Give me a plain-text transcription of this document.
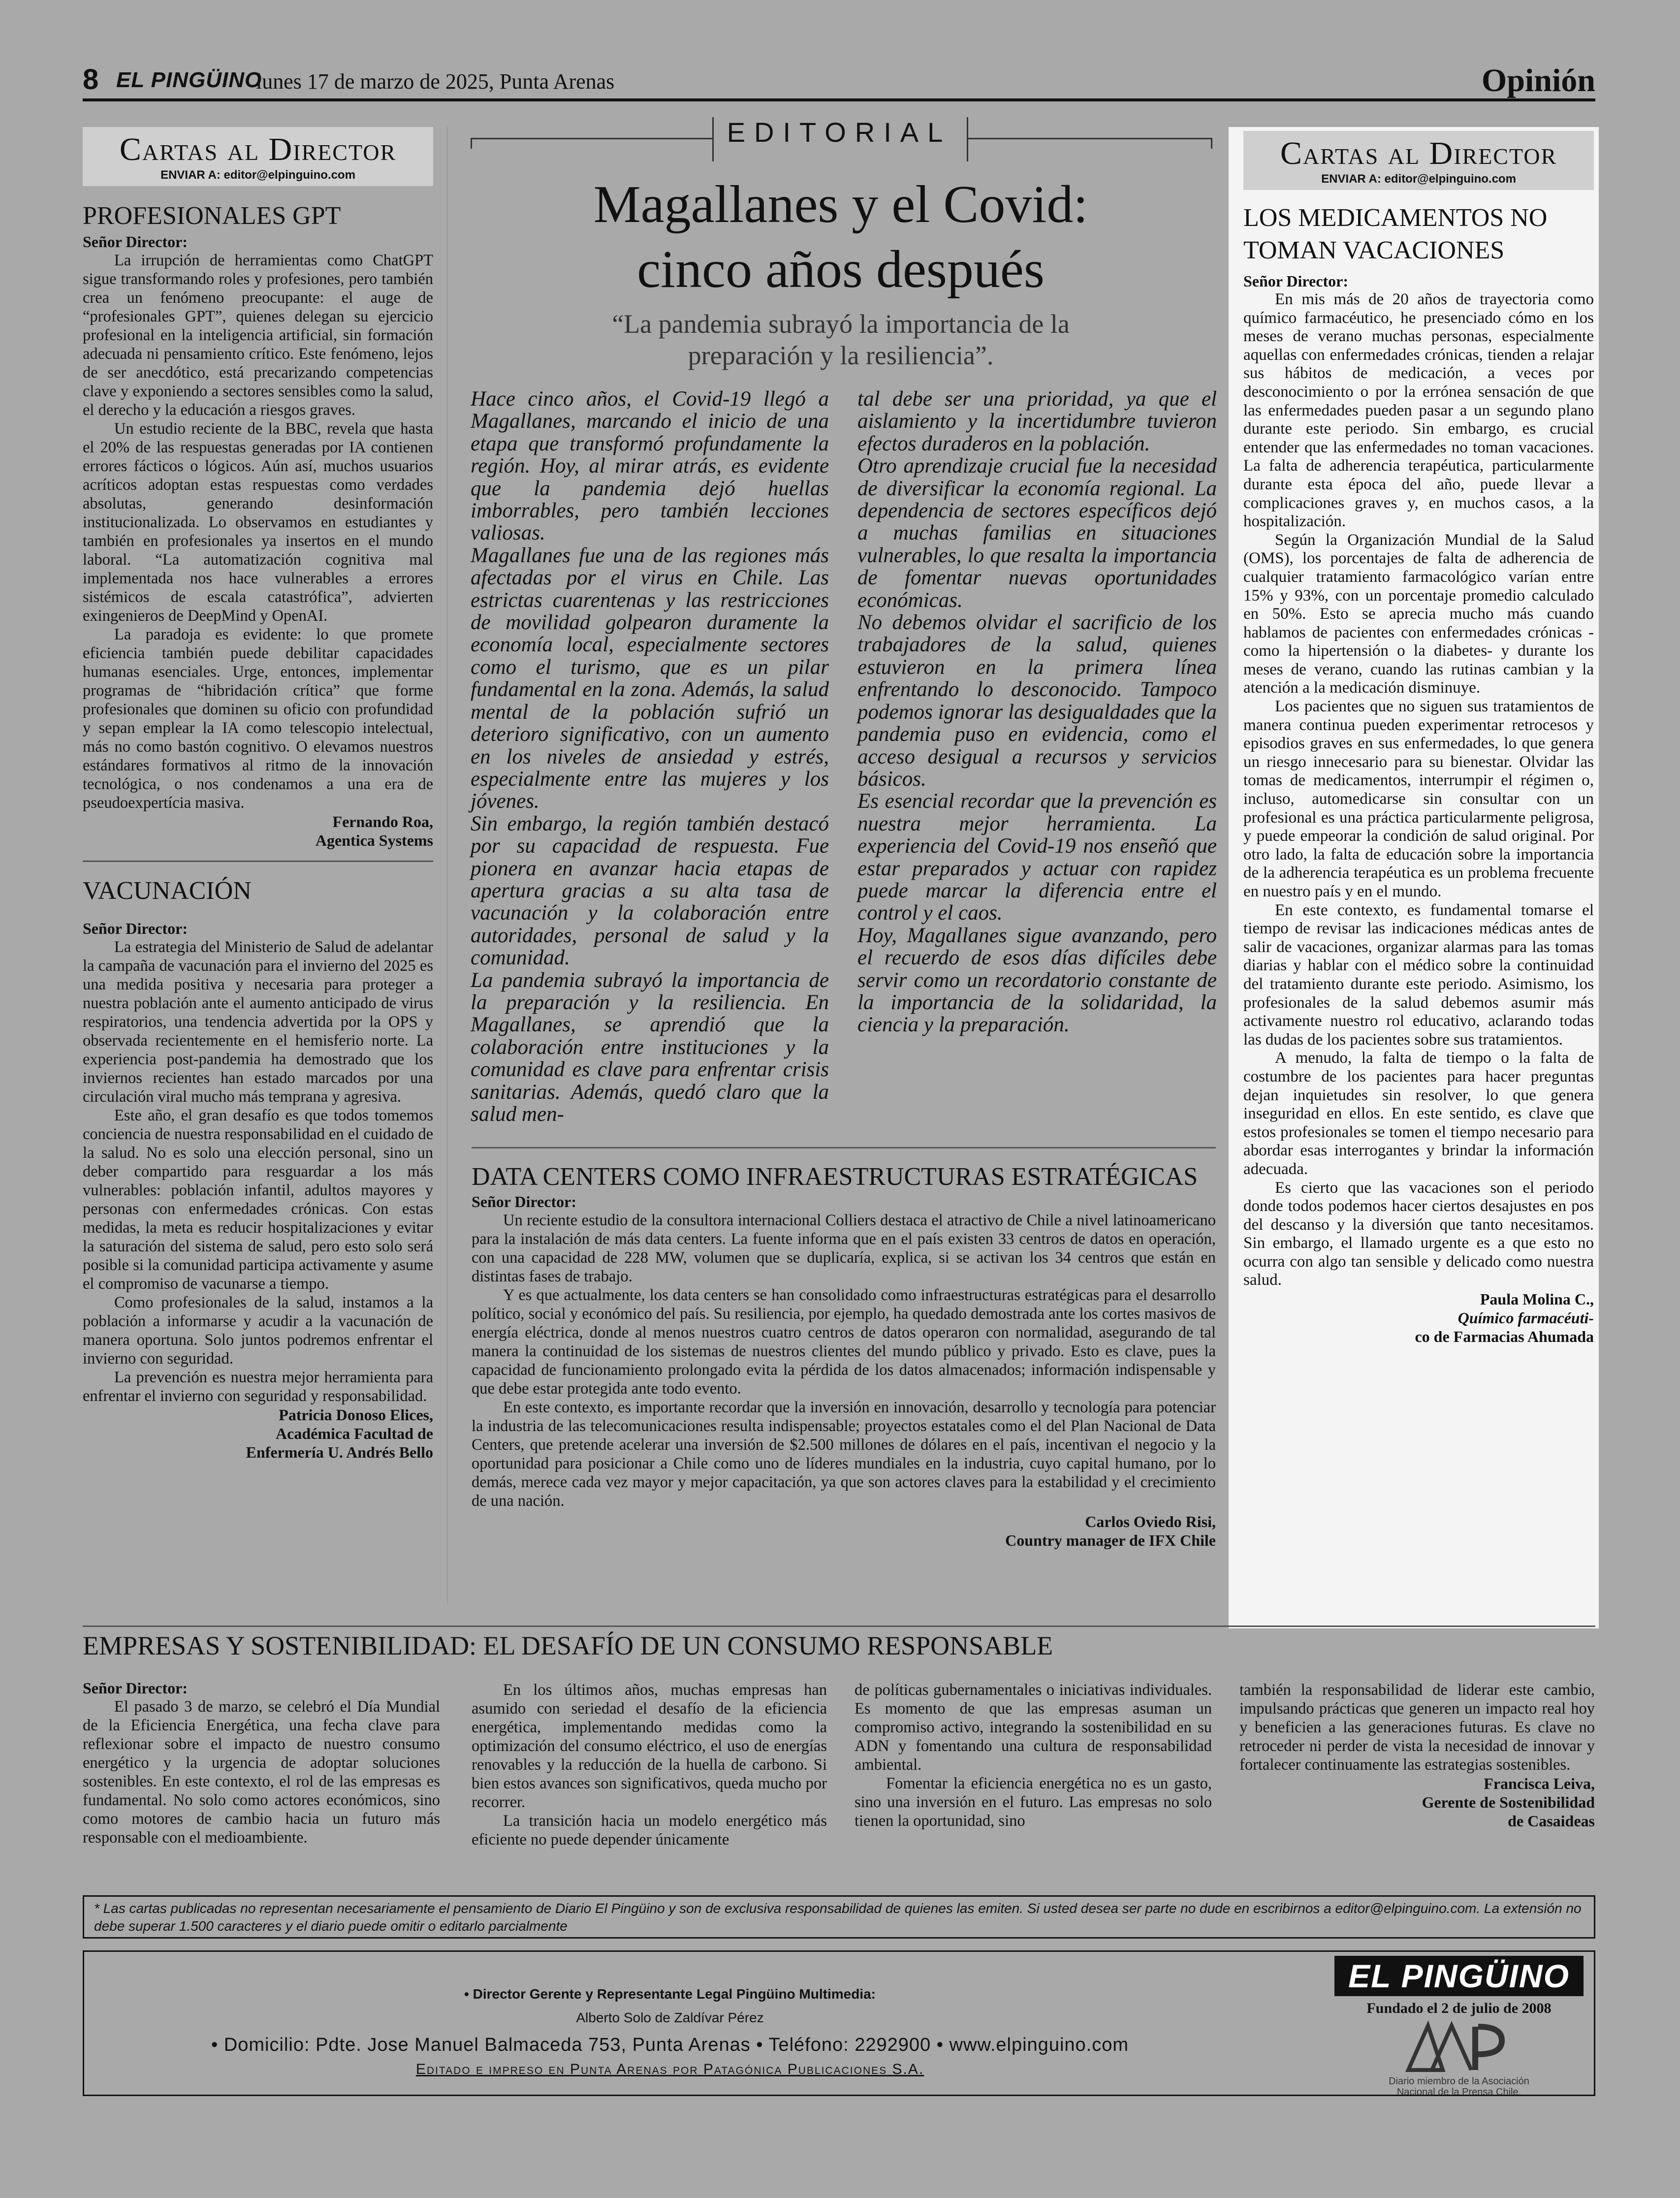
8 EL PINGÜINO
lunes 17 de marzo de 2025, Punta Arenas	Opinión
Cartas al Director
ENVIAR A: editor@elpinguino.com
PROFESIONALES GPT
Señor Director:

La irrupción de herramientas como ChatGPT sigue transformando roles y profesiones, pero también crea un fenómeno preocupante: el auge de “profesionales GPT”, quienes delegan su ejercicio profesional en la inteligencia artificial, sin formación adecuada ni pensamiento crítico. Este fenómeno, lejos de ser anecdótico, está precarizando competencias clave y exponiendo a sectores sensibles como la salud, el derecho y la educación a riesgos graves.

Un estudio reciente de la BBC, revela que hasta el 20% de las respuestas generadas por IA contienen errores fácticos o lógicos. Aún así, muchos usuarios acríticos adoptan estas respuestas como verdades absolutas, generando desinformación institucionalizada. Lo observamos en estudiantes y también en profesionales ya insertos en el mundo laboral. “La automatización cognitiva mal implementada nos hace vulnerables a errores sistémicos de escala catastrófica”, advierten exingenieros de DeepMind y OpenAI.

La paradoja es evidente: lo que promete eficiencia también puede debilitar capacidades humanas esenciales. Urge, entonces, implementar programas de “hibridación crítica” que forme profesionales que dominen su oficio con profundidad y sepan emplear la IA como telescopio intelectual, más no como bastón cognitivo. O elevamos nuestros estándares formativos al ritmo de la innovación tecnológica, o nos condenamos a una era de pseudoexpertícia masiva.

Fernando Roa,
Agentica Systems
VACUNACIÓN
Señor Director:

La estrategia del Ministerio de Salud de adelantar la campaña de vacunación para el invierno del 2025 es una medida positiva y necesaria para proteger a nuestra población ante el aumento anticipado de virus respiratorios, una tendencia advertida por la OPS y observada recientemente en el hemisferio norte. La experiencia post-pandemia ha demostrado que los inviernos recientes han estado marcados por una circulación viral mucho más temprana y agresiva.

Este año, el gran desafío es que todos tomemos conciencia de nuestra responsabilidad en el cuidado de la salud. No es solo una elección personal, sino un deber compartido para resguardar a los más vulnerables: población infantil, adultos mayores y personas con enfermedades crónicas. Con estas medidas, la meta es reducir hospitalizaciones y evitar la saturación del sistema de salud, pero esto solo será posible si la comunidad participa activamente y asume el compromiso de vacunarse a tiempo.

Como profesionales de la salud, instamos a la población a informarse y acudir a la vacunación de manera oportuna. Solo juntos podremos enfrentar el invierno con seguridad.

La prevención es nuestra mejor herramienta para enfrentar el invierno con seguridad y responsabilidad.

Patricia Donoso Elices,
Académica Facultad de
Enfermería U. Andrés Bello
EDITORIAL
Magallanes y el Covid:
cinco años después
“La pandemia subrayó la importancia de la
preparación y la resiliencia”.

Hace cinco años, el Covid-19 llegó a Magallanes, marcando el inicio de una etapa que transformó profundamente la región. Hoy, al mirar atrás, es evidente que la pandemia dejó huellas imborrables, pero también lecciones valiosas.

Magallanes fue una de las regiones más afectadas por el virus en Chile. Las estrictas cuarentenas y las restricciones de movilidad golpearon duramente la economía local, especialmente sectores como el turismo, que es un pilar fundamental en la zona. Además, la salud mental de la población sufrió un deterioro significativo, con un aumento en los niveles de ansiedad y estrés, especialmente entre las mujeres y los jóvenes.

Sin embargo, la región también destacó por su capacidad de respuesta. Fue pionera en avanzar hacia etapas de apertura gracias a su alta tasa de vacunación y la colaboración entre autoridades, personal de salud y la comunidad.

La pandemia subrayó la importancia de la preparación y la resiliencia. En Magallanes, se aprendió que la colaboración entre instituciones y la comunidad es clave para enfrentar crisis sanitarias. Además, quedó claro que la salud men-

tal debe ser una prioridad, ya que el aislamiento y la incertidumbre tuvieron efectos duraderos en la población.

Otro aprendizaje crucial fue la necesidad de diversificar la economía regional. La dependencia de sectores específicos dejó a muchas familias en situaciones vulnerables, lo que resalta la importancia de fomentar nuevas oportunidades económicas.

No debemos olvidar el sacrificio de los trabajadores de la salud, quienes estuvieron en la primera línea enfrentando lo desconocido. Tampoco podemos ignorar las desigualdades que la pandemia puso en evidencia, como el acceso desigual a recursos y servicios básicos.

Es esencial recordar que la prevención es nuestra mejor herramienta. La experiencia del Covid-19 nos enseñó que estar preparados y actuar con rapidez puede marcar la diferencia entre el control y el caos.

Hoy, Magallanes sigue avanzando, pero el recuerdo de esos días difíciles debe servir como un recordatorio constante de la importancia de la solidaridad, la ciencia y la preparación.

DATA CENTERS COMO INFRAESTRUCTURAS ESTRATÉGICAS
Señor Director:

Un reciente estudio de la consultora internacional Colliers destaca el atractivo de Chile a nivel latinoamericano para la instalación de más data centers. La fuente informa que en el país existen 33 centros de datos en operación, con una capacidad de 228 MW, volumen que se duplicaría, explica, si se activan los 34 centros que están en distintas fases de trabajo.

Y es que actualmente, los data centers se han consolidado como infraestructuras estratégicas para el desarrollo político, social y económico del país. Su resiliencia, por ejemplo, ha quedado demostrada ante los cortes masivos de energía eléctrica, donde al menos nuestros cuatro centros de datos operaron con normalidad, asegurando de tal manera la continuidad de los sistemas de nuestros clientes del mundo público y privado. Esto es clave, pues la capacidad de funcionamiento prolongado evita la pérdida de los datos almacenados; información indispensable y que debe estar protegida ante todo evento.

En este contexto, es importante recordar que la inversión en innovación, desarrollo y tecnología para potenciar la industria de las telecomunicaciones resulta indispensable; proyectos estatales como el del Plan Nacional de Data Centers, que pretende acelerar una inversión de $2.500 millones de dólares en el país, incentivan el negocio y la oportunidad para posicionar a Chile como uno de líderes mundiales en la industria, cuyo capital humano, por lo demás, merece cada vez mayor y mejor capacitación, ya que son actores claves para la estabilidad y el crecimiento de una nación.

Carlos Oviedo Risi,
Country manager de IFX Chile
Cartas al Director
ENVIAR A: editor@elpinguino.com
LOS MEDICAMENTOS NO
TOMAN VACACIONES
Señor Director:

En mis más de 20 años de trayectoria como químico farmacéutico, he presenciado cómo en los meses de verano muchas personas, especialmente aquellas con enfermedades crónicas, tienden a relajar sus hábitos de medicación, a veces por desconocimiento o por la errónea sensación de que las enfermedades pueden pasar a un segundo plano durante este periodo. Sin embargo, es crucial entender que las enfermedades no toman vacaciones. La falta de adherencia terapéutica, particularmente durante esta época del año, puede llevar a complicaciones graves y, en muchos casos, a la hospitalización.

Según la Organización Mundial de la Salud (OMS), los porcentajes de falta de adherencia de cualquier tratamiento farmacológico varían entre 15% y 93%, con un porcentaje promedio calculado en 50%. Esto se aprecia mucho más cuando hablamos de pacientes con enfermedades crónicas -como la hipertensión o la diabetes- y durante los meses de verano, cuando las rutinas cambian y la atención a la medicación disminuye.

Los pacientes que no siguen sus tratamientos de manera continua pueden experimentar retrocesos y episodios graves en sus enfermedades, lo que genera un riesgo innecesario para su bienestar. Olvidar las tomas de medicamentos, interrumpir el régimen o, incluso, automedicarse sin consultar con un profesional es una práctica particularmente peligrosa, y puede empeorar la condición de salud original. Por otro lado, la falta de educación sobre la importancia de la adherencia terapéutica es un problema frecuente en nuestro país y en el mundo.

En este contexto, es fundamental tomarse el tiempo de revisar las indicaciones médicas antes de salir de vacaciones, organizar alarmas para las tomas diarias y hablar con el médico sobre la continuidad del tratamiento durante este periodo. Asimismo, los profesionales de la salud debemos asumir más activamente nuestro rol educativo, aclarando todas las dudas de los pacientes sobre sus tratamientos.

A menudo, la falta de tiempo o la falta de costumbre de los pacientes para hacer preguntas dejan inquietudes sin resolver, lo que genera inseguridad en ellos. En este sentido, es clave que estos profesionales se tomen el tiempo necesario para abordar esas interrogantes y brindar la información adecuada.

Es cierto que las vacaciones son el periodo donde todos podemos hacer ciertos desajustes en pos del descanso y la diversión que tanto necesitamos. Sin embargo, el llamado urgente es a que esto no ocurra con algo tan sensible y delicado como nuestra salud.

Paula Molina C.,
Químico farmacéuti-
co de Farmacias Ahumada
EMPRESAS Y SOSTENIBILIDAD: EL DESAFÍO DE UN CONSUMO RESPONSABLE
Señor Director:

El pasado 3 de marzo, se celebró el Día Mundial de la Eficiencia Energética, una fecha clave para reflexionar sobre el impacto de nuestro consumo energético y la urgencia de adoptar soluciones sostenibles. En este contexto, el rol de las empresas es fundamental. No solo como actores económicos, sino como motores de cambio hacia un futuro más responsable con el medioambiente.

En los últimos años, muchas empresas han asumido con seriedad el desafío de la eficiencia energética, implementando medidas como la optimización del consumo eléctrico, el uso de energías renovables y la reducción de la huella de carbono. Si bien estos avances son significativos, queda mucho por recorrer.

La transición hacia un modelo energético más eficiente no puede depender únicamente

de políticas gubernamentales o iniciativas individuales. Es momento de que las empresas asuman un compromiso activo, integrando la sostenibilidad en su ADN y fomentando una cultura de responsabilidad ambiental.

Fomentar la eficiencia energética no es un gasto, sino una inversión en el futuro. Las empresas no solo tienen la oportunidad, sino

también la responsabilidad de liderar este cambio, impulsando prácticas que generen un impacto real hoy y beneficien a las generaciones futuras. Es clave no retroceder ni perder de vista la necesidad de innovar y fortalecer continuamente las estrategias sostenibles.

Francisca Leiva,
Gerente de Sostenibilidad
de Casaideas
* Las cartas publicadas no representan necesariamente el pensamiento de Diario El Pingüino y son de exclusiva responsabilidad de quienes las emiten. Si usted desea ser parte no dude en escribirnos a editor@elpinguino.com. La extensión no debe superar 1.500 caracteres y el diario puede omitir o editarlo parcialmente
• Director Gerente y Representante Legal Pingüino Multimedia:
Alberto Solo de Zaldívar Pérez
• Domicilio: Pdte. Jose Manuel Balmaceda 753, Punta Arenas • Teléfono: 2292900 • www.elpinguino.com
Editado e impreso en Punta Arenas por Patagónica Publicaciones S.A.
EL PINGÜINO
Fundado el 2 de julio de 2008
Diario miembro de la Asociación
Nacional de la Prensa Chile.
